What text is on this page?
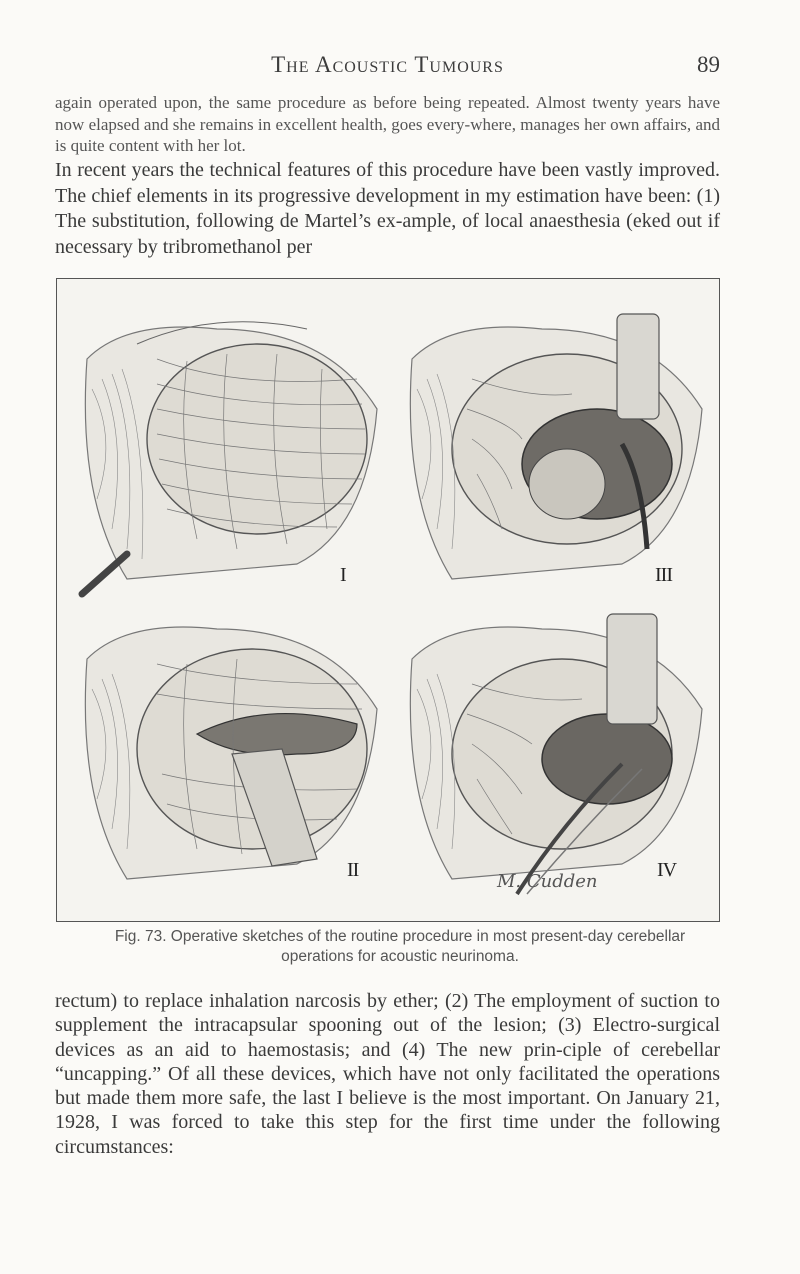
The Acoustic Tumours	89

again operated upon, the same procedure as before being repeated. Almost twenty years have now elapsed and she remains in excellent health, goes every-where, manages her own affairs, and is quite content with her lot.

In recent years the technical features of this procedure have been vastly improved. The chief elements in its progressive development in my estimation have been: (1) The substitution, following de Martel’s ex-ample, of local anaesthesia (eked out if necessary by tribromethanol per

I	III
II	IV
M. Cudden
Fig. 73. Operative sketches of the routine procedure in most present-day cerebellar operations for acoustic neurinoma.

rectum) to replace inhalation narcosis by ether; (2) The employment of suction to supplement the intracapsular spooning out of the lesion; (3) Electro-surgical devices as an aid to haemostasis; and (4) The new prin-ciple of cerebellar “uncapping.” Of all these devices, which have not only facilitated the operations but made them more safe, the last I believe is the most important. On January 21, 1928, I was forced to take this step for the first time under the following circumstances:
